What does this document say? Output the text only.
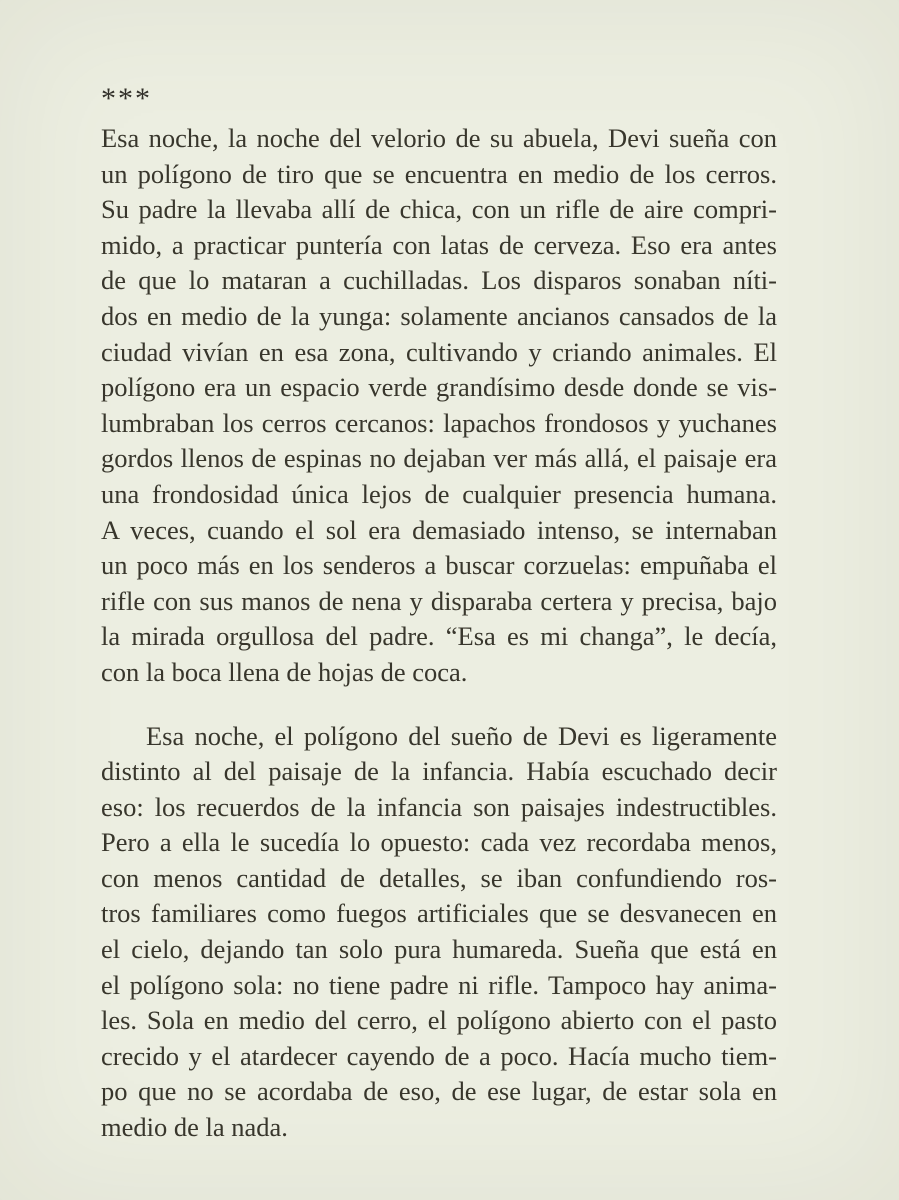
***

Esa noche, la noche del velorio de su abuela, Devi sueña con
un polígono de tiro que se encuentra en medio de los cerros.
Su padre la llevaba allí de chica, con un rifle de aire compri-
mido, a practicar puntería con latas de cerveza. Eso era antes
de que lo mataran a cuchilladas. Los disparos sonaban níti-
dos en medio de la yunga: solamente ancianos cansados de la
ciudad vivían en esa zona, cultivando y criando animales. El
polígono era un espacio verde grandísimo desde donde se vis-
lumbraban los cerros cercanos: lapachos frondosos y yuchanes
gordos llenos de espinas no dejaban ver más allá, el paisaje era
una frondosidad única lejos de cualquier presencia humana.
A veces, cuando el sol era demasiado intenso, se internaban
un poco más en los senderos a buscar corzuelas: empuñaba el
rifle con sus manos de nena y disparaba certera y precisa, bajo
la mirada orgullosa del padre. “Esa es mi changa”, le decía,
con la boca llena de hojas de coca.

Esa noche, el polígono del sueño de Devi es ligeramente
distinto al del paisaje de la infancia. Había escuchado decir
eso: los recuerdos de la infancia son paisajes indestructibles.
Pero a ella le sucedía lo opuesto: cada vez recordaba menos,
con menos cantidad de detalles, se iban confundiendo ros-
tros familiares como fuegos artificiales que se desvanecen en
el cielo, dejando tan solo pura humareda. Sueña que está en
el polígono sola: no tiene padre ni rifle. Tampoco hay anima-
les. Sola en medio del cerro, el polígono abierto con el pasto
crecido y el atardecer cayendo de a poco. Hacía mucho tiem-
po que no se acordaba de eso, de ese lugar, de estar sola en
medio de la nada.
